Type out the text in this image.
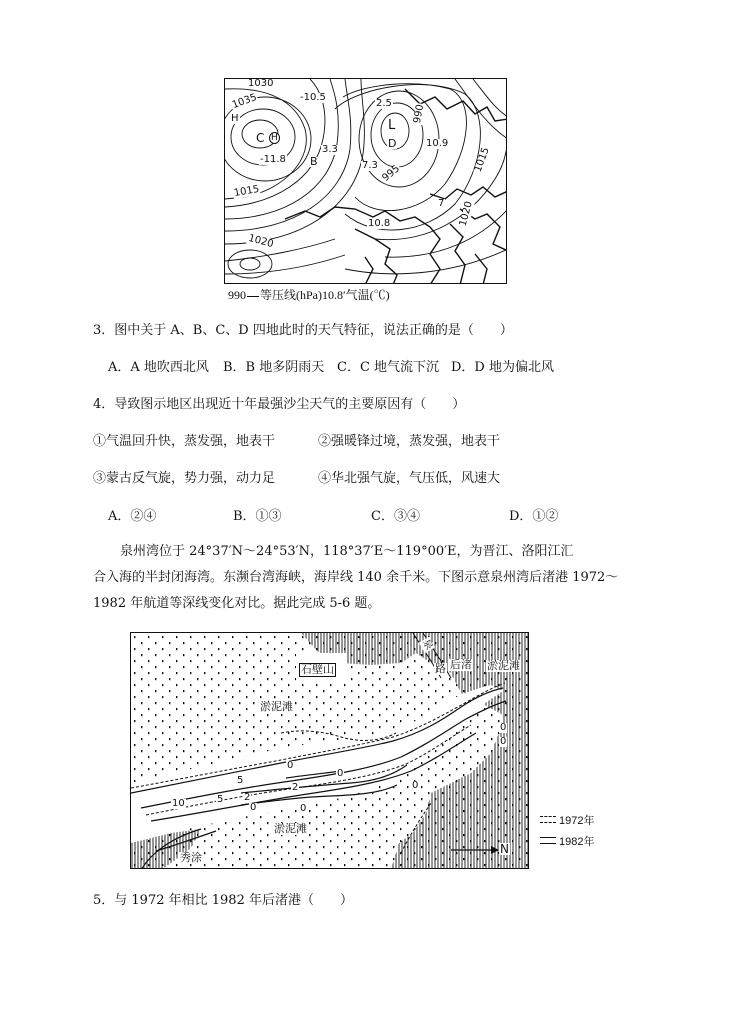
1030
1035	-10.5
H
C H
-11.8 B
3.3
2.5
L
990
D	10.9
7.3 995
1015
1015
1020
1020
10.8
7
990 等压线(hPa)10.8′气温(℃)
3．图中关于 A、B、C、D 四地此时的天气特征，说法正确的是（　　）
A．A 地吹西北风 B．B 地多阴雨天 C．C 地气流下沉 D．D 地为偏北风
4．导致图示地区出现近十年最强沙尘天气的主要原因有（　　）
①气温回升快，蒸发强，地表干	②强暖锋过境，蒸发强，地表干
③蒙古反气旋，势力强，动力足	④华北强气旋，气压低，风速大
A．②④	B．①③	C．③④	D．①②
泉州湾位于 24°37′N～24°53′N，118°37′E～119°00′E，为晋江、洛阳江汇
合入海的半封闭海湾。东濒台湾海峡，海岸线 140 余千米。下图示意泉州湾后渚港 1972～
1982 年航道等深线变化对比。据此完成 5-6 题。
石壁山
泉
路 后渚 淤泥滩
淤泥滩
淤泥滩
秀涂
N
0
0
0
0
2
5
5
10
2
0	0
0
1972年
1982年
5．与 1972 年相比 1982 年后渚港（　　）
